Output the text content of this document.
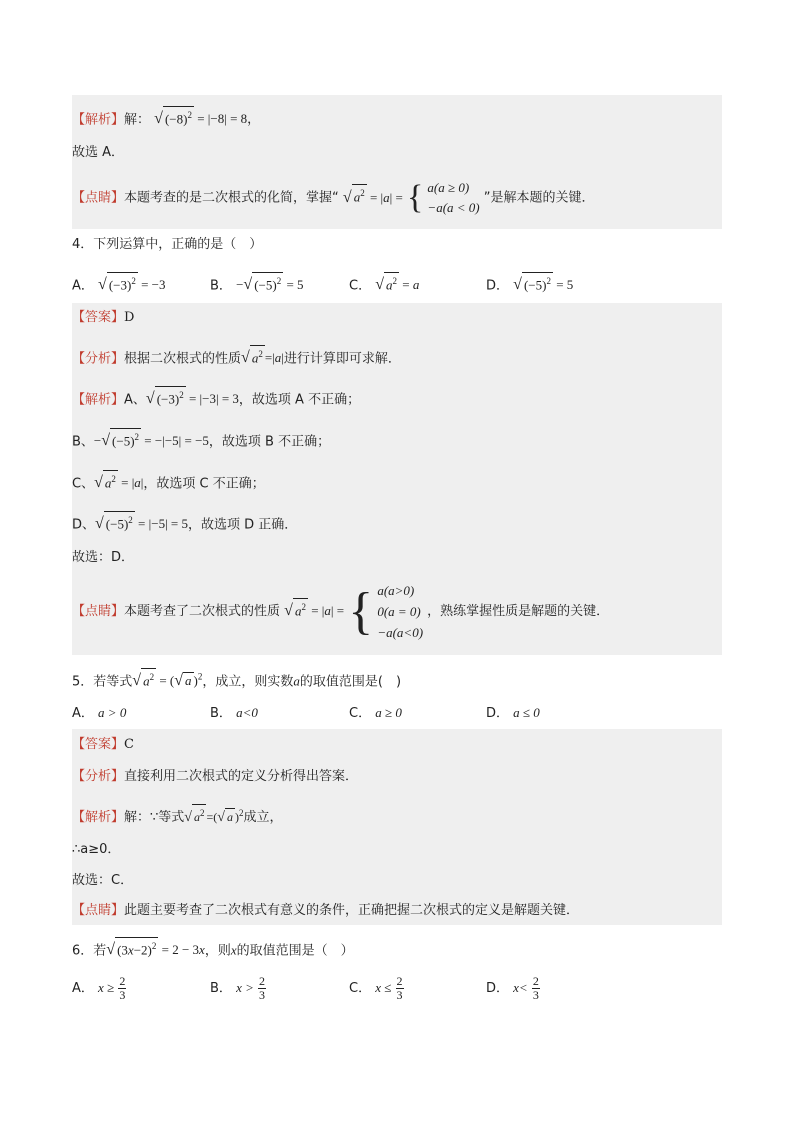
【解析】解： √ $(-8)^2 = |-8| = 8$，
故选 A．
【点睛】本题考查的是二次根式的化简，掌握“ √ $a^2 = |a|$ = { a(a ≥ 0)
−a(a < 0)
”是解本题的关键．
4．下列运算中，正确的是（　）
A． √ $(-3)^2 = -3$	B． −√ $(-5)^2 = 5$	C． √ $a^2 = a$	D． √ $(-5)^2 = 5$
【答案】D
【分析】根据二次根式的性质√ $a^2 =|a|$进行计算即可求解．
【解析】A、√ $(-3)^2 = |-3| = 3$，故选项 A 不正确；
B、−√ $(-5)^2 = -|-5| = -5$，故选项 B 不正确；
C、√ $a^2 = |a|$，故选项 C 不正确；
D、√ $(-5)^2 = |-5| = 5$，故选项 D 正确．
故选：D．
【点睛】本题考查了二次根式的性质 √ $a^2 = |a|$ = { a(a>0)
0(a = 0)
−a(a<0)
，熟练掌握性质是解题的关键．
5．若等式√ $a^2$ = (√ a )$^2$，成立，则实数a的取值范围是(　)
A． a > 0	B． a<0	C． a ≥ 0	D． a ≤ 0
【答案】C
【分析】直接利用二次根式的定义分析得出答案．
【解析】解：∵等式√ $a^2$ =(√ a )$^2$成立，
∴a≥0．
故选：C．
【点睛】此题主要考查了二次根式有意义的条件，正确把握二次根式的定义是解题关键．
6．若√ $(3x-2)^2 = 2 - 3x$，则x的取值范围是（　）
A． $x \ge \frac{2}{3}$	B． $x > \frac{2}{3}$	C． $x \le \frac{2}{3}$	D． $x< \frac{2}{3}$
